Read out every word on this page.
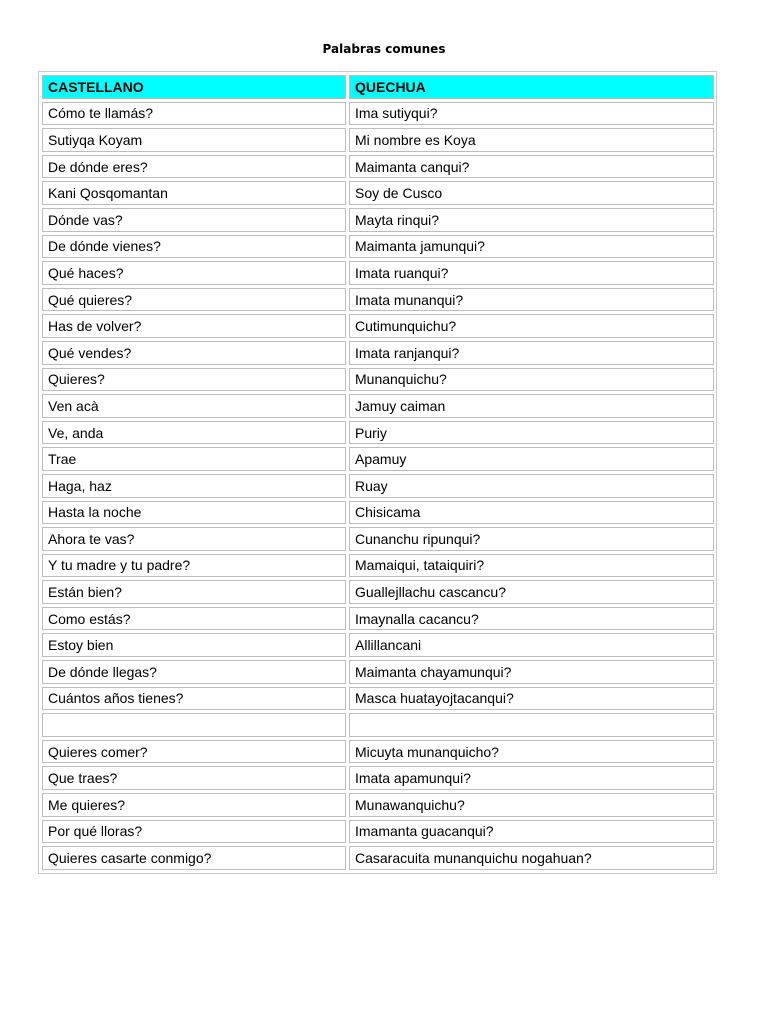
Palabras comunes
CASTELLANO	QUECHUA
Cómo te llamás?	Ima sutiyqui?
Sutiyqa Koyam	Mi nombre es Koya
De dónde eres?	Maimanta canqui?
Kani Qosqomantan	Soy de Cusco
Dónde vas?	Mayta rinqui?
De dónde vienes?	Maimanta jamunqui?
Qué haces?	Imata ruanqui?
Qué quieres?	Imata munanqui?
Has de volver?	Cutimunquichu?
Qué vendes?	Imata ranjanqui?
Quieres?	Munanquichu?
Ven acà	Jamuy caiman
Ve, anda	Puriy
Trae	Apamuy
Haga, haz	Ruay
Hasta la noche	Chisicama
Ahora te vas?	Cunanchu ripunqui?
Y tu madre y tu padre?	Mamaiqui, tataiquiri?
Están bien?	Guallejllachu cascancu?
Como estás?	Imaynalla cacancu?
Estoy bien	Allillancani
De dónde llegas?	Maimanta chayamunqui?
Cuántos años tienes?	Masca huatayojtacanqui?

Quieres comer?	Micuyta munanquicho?
Que traes?	Imata apamunqui?
Me quieres?	Munawanquichu?
Por qué lloras?	Imamanta guacanqui?
Quieres casarte conmigo?	Casaracuita munanquichu nogahuan?
